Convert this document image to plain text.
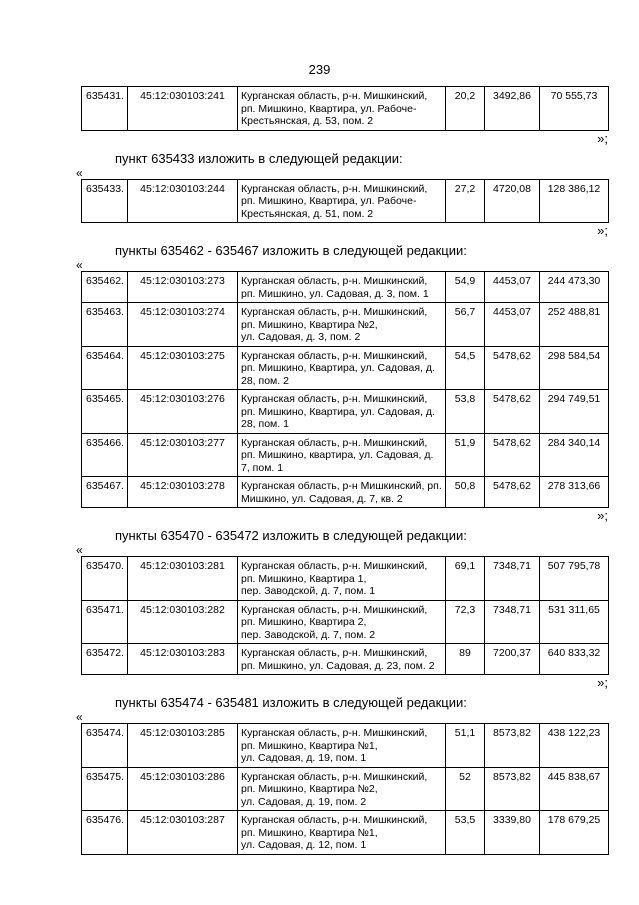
239
635431.	45:12:030103:241	Курганская область, р-н. Мишкинский, рп. Мишкино, Квартира, ул. Рабоче-Крестьянская, д. 53, пом. 2	20,2	3492,86	70 555,73
»;
пункт 635433 изложить в следующей редакции:
«
635433.	45:12:030103:244	Курганская область, р-н. Мишкинский, рп. Мишкино, Квартира, ул. Рабоче-Крестьянская, д. 51, пом. 2	27,2	4720,08	128 386,12
»;
пункты 635462 - 635467 изложить в следующей редакции:
«
635462.	45:12:030103:273	Курганская область, р-н. Мишкинский, рп. Мишкино, ул. Садовая, д. 3, пом. 1	54,9	4453,07	244 473,30
635463.	45:12:030103:274	Курганская область, р-н. Мишкинский, рп. Мишкино, Квартира №2,
ул. Садовая, д. 3, пом. 2	56,7	4453,07	252 488,81
635464.	45:12:030103:275	Курганская область, р-н. Мишкинский, рп. Мишкино, Квартира, ул. Садовая, д. 28, пом. 2	54,5	5478,62	298 584,54
635465.	45:12:030103:276	Курганская область, р-н. Мишкинский, рп. Мишкино, Квартира, ул. Садовая, д. 28, пом. 1	53,8	5478,62	294 749,51
635466.	45:12:030103:277	Курганская область, р-н. Мишкинский, рп. Мишкино, квартира, ул. Садовая, д. 7, пом. 1	51,9	5478,62	284 340,14
635467.	45:12:030103:278	Курганская область, р-н Мишкинский, рп. Мишкино, ул. Садовая, д. 7, кв. 2	50,8	5478,62	278 313,66
»;
пункты 635470 - 635472 изложить в следующей редакции:
«
635470.	45:12:030103:281	Курганская область, р-н. Мишкинский, рп. Мишкино, Квартира 1,
пер. Заводской, д. 7, пом. 1	69,1	7348,71	507 795,78
635471.	45:12:030103:282	Курганская область, р-н. Мишкинский, рп. Мишкино, Квартира 2,
пер. Заводской, д. 7, пом. 2	72,3	7348,71	531 311,65
635472.	45:12:030103:283	Курганская область, р-н. Мишкинский, рп. Мишкино, ул. Садовая, д. 23, пом. 2	89	7200,37	640 833,32
»;
пункты 635474 - 635481 изложить в следующей редакции:
«
635474.	45:12:030103:285	Курганская область, р-н. Мишкинский, рп. Мишкино, Квартира №1,
ул. Садовая, д. 19, пом. 1	51,1	8573,82	438 122,23
635475.	45:12:030103:286	Курганская область, р-н. Мишкинский, рп. Мишкино, Квартира №2,
ул. Садовая, д. 19, пом. 2	52	8573,82	445 838,67
635476.	45:12:030103:287	Курганская область, р-н. Мишкинский, рп. Мишкино, Квартира №1,
ул. Садовая, д. 12, пом. 1	53,5	3339,80	178 679,25
